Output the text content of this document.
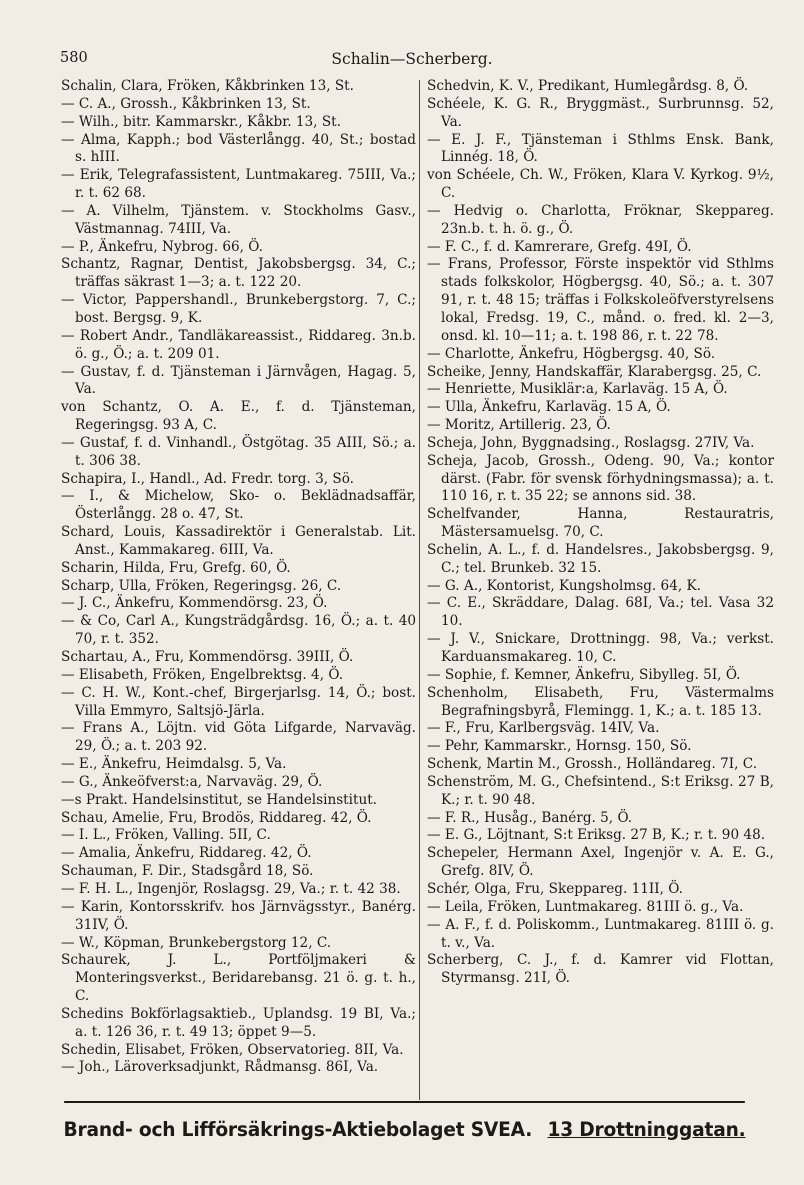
580	Schalin—Scherberg.
Schalin, Clara, Fröken, Kåkbrinken 13, St.
— C. A., Grossh., Kåkbrinken 13, St.
— Wilh., bitr. Kammarskr., Kåkbr. 13, St.
— Alma, Kapph.; bod Västerlångg. 40, St.; bostad s. hIII.
— Erik, Telegrafassistent, Luntmakareg. 75III, Va.; r. t. 62 68.
— A. Vilhelm, Tjänstem. v. Stockholms Gasv., Västmannag. 74III, Va.
— P., Änkefru, Nybrog. 66, Ö.
Schantz, Ragnar, Dentist, Jakobsbergsg. 34, C.; träffas säkrast 1—3; a. t. 122 20.
— Victor, Pappershandl., Brunkebergstorg. 7, C.; bost. Bergsg. 9, K.
— Robert Andr., Tandläkareassist., Riddareg. 3n.b. ö. g., Ö.; a. t. 209 01.
— Gustav, f. d. Tjänsteman i Järnvågen, Hagag. 5, Va.
von Schantz, O. A. E., f. d. Tjänsteman, Regeringsg. 93 A, C.
— Gustaf, f. d. Vinhandl., Östgötag. 35 AIII, Sö.; a. t. 306 38.
Schapira, I., Handl., Ad. Fredr. torg. 3, Sö.
— I., & Michelow, Sko- o. Beklädnadsaffär, Österlångg. 28 o. 47, St.
Schard, Louis, Kassadirektör i Generalstab. Lit. Anst., Kammakareg. 6III, Va.
Scharin, Hilda, Fru, Grefg. 60, Ö.
Scharp, Ulla, Fröken, Regeringsg. 26, C.
— J. C., Änkefru, Kommendörsg. 23, Ö.
— & Co, Carl A., Kungsträdgårdsg. 16, Ö.; a. t. 40 70, r. t. 352.
Schartau, A., Fru, Kommendörsg. 39III, Ö.
— Elisabeth, Fröken, Engelbrektsg. 4, Ö.
— C. H. W., Kont.-chef, Birgerjarlsg. 14, Ö.; bost. Villa Emmyro, Saltsjö-Järla.
— Frans A., Löjtn. vid Göta Lifgarde, Narvaväg. 29, Ö.; a. t. 203 92.
— E., Änkefru, Heimdalsg. 5, Va.
— G., Änkeöfverst:a, Narvaväg. 29, Ö.
—s Prakt. Handelsinstitut, se Handelsinstitut.
Schau, Amelie, Fru, Brodös, Riddareg. 42, Ö.
— I. L., Fröken, Valling. 5II, C.
— Amalia, Änkefru, Riddareg. 42, Ö.
Schauman, F. Dir., Stadsgård 18, Sö.
— F. H. L., Ingenjör, Roslagsg. 29, Va.; r. t. 42 38.
— Karin, Kontorsskrifv. hos Järnvägsstyr., Banérg. 31IV, Ö.
— W., Köpman, Brunkebergstorg 12, C.
Schaurek, J. L., Portföljmakeri & Monteringsverkst., Beridarebansg. 21 ö. g. t. h., C.
Schedins Bokförlagsaktieb., Uplandsg. 19 BI, Va.; a. t. 126 36, r. t. 49 13; öppet 9—5.
Schedin, Elisabet, Fröken, Observatorieg. 8II, Va.
— Joh., Läroverksadjunkt, Rådmansg. 86I, Va.
Schedvin, K. V., Predikant, Humlegårdsg. 8, Ö.
Schéele, K. G. R., Bryggmäst., Surbrunnsg. 52, Va.
— E. J. F., Tjänsteman i Sthlms Ensk. Bank, Linnég. 18, Ö.
von Schéele, Ch. W., Fröken, Klara V. Kyrkog. 9½, C.
— Hedvig o. Charlotta, Fröknar, Skeppareg. 23n.b. t. h. ö. g., Ö.
— F. C., f. d. Kamrerare, Grefg. 49I, Ö.
— Frans, Professor, Förste inspektör vid Sthlms stads folkskolor, Högbergsg. 40, Sö.; a. t. 307 91, r. t. 48 15; träffas i Folkskoleöfverstyrelsens lokal, Fredsg. 19, C., månd. o. fred. kl. 2—3, onsd. kl. 10—11; a. t. 198 86, r. t. 22 78.
— Charlotte, Änkefru, Högbergsg. 40, Sö.
Scheike, Jenny, Handskaffär, Klarabergsg. 25, C.
— Henriette, Musiklär:a, Karlaväg. 15 A, Ö.
— Ulla, Änkefru, Karlaväg. 15 A, Ö.
— Moritz, Artillerig. 23, Ö.
Scheja, John, Byggnadsing., Roslagsg. 27IV, Va.
Scheja, Jacob, Grossh., Odeng. 90, Va.; kontor därst. (Fabr. för svensk förhydningsmassa); a. t. 110 16, r. t. 35 22; se annons sid. 38.
Schelfvander, Hanna, Restauratris, Mästersamuelsg. 70, C.
Schelin, A. L., f. d. Handelsres., Jakobsbergsg. 9, C.; tel. Brunkeb. 32 15.
— G. A., Kontorist, Kungsholmsg. 64, K.
— C. E., Skräddare, Dalag. 68I, Va.; tel. Vasa 32 10.
— J. V., Snickare, Drottningg. 98, Va.; verkst. Karduansmakareg. 10, C.
— Sophie, f. Kemner, Änkefru, Sibylleg. 5I, Ö.
Schenholm, Elisabeth, Fru, Västermalms Begrafningsbyrå, Flemingg. 1, K.; a. t. 185 13.
— F., Fru, Karlbergsväg. 14IV, Va.
— Pehr, Kammarskr., Hornsg. 150, Sö.
Schenk, Martin M., Grossh., Holländareg. 7I, C.
Schenström, M. G., Chefsintend., S:t Eriksg. 27 B, K.; r. t. 90 48.
— F. R., Husåg., Banérg. 5, Ö.
— E. G., Löjtnant, S:t Eriksg. 27 B, K.; r. t. 90 48.
Schepeler, Hermann Axel, Ingenjör v. A. E. G., Grefg. 8IV, Ö.
Schér, Olga, Fru, Skeppareg. 11II, Ö.
— Leila, Fröken, Luntmakareg. 81III ö. g., Va.
— A. F., f. d. Poliskomm., Luntmakareg. 81III ö. g. t. v., Va.
Scherberg, C. J., f. d. Kamrer vid Flottan, Styrmansg. 21I, Ö.
Brand- och Lifförsäkrings-Aktiebolaget SVEA. 13 Drottninggatan.
